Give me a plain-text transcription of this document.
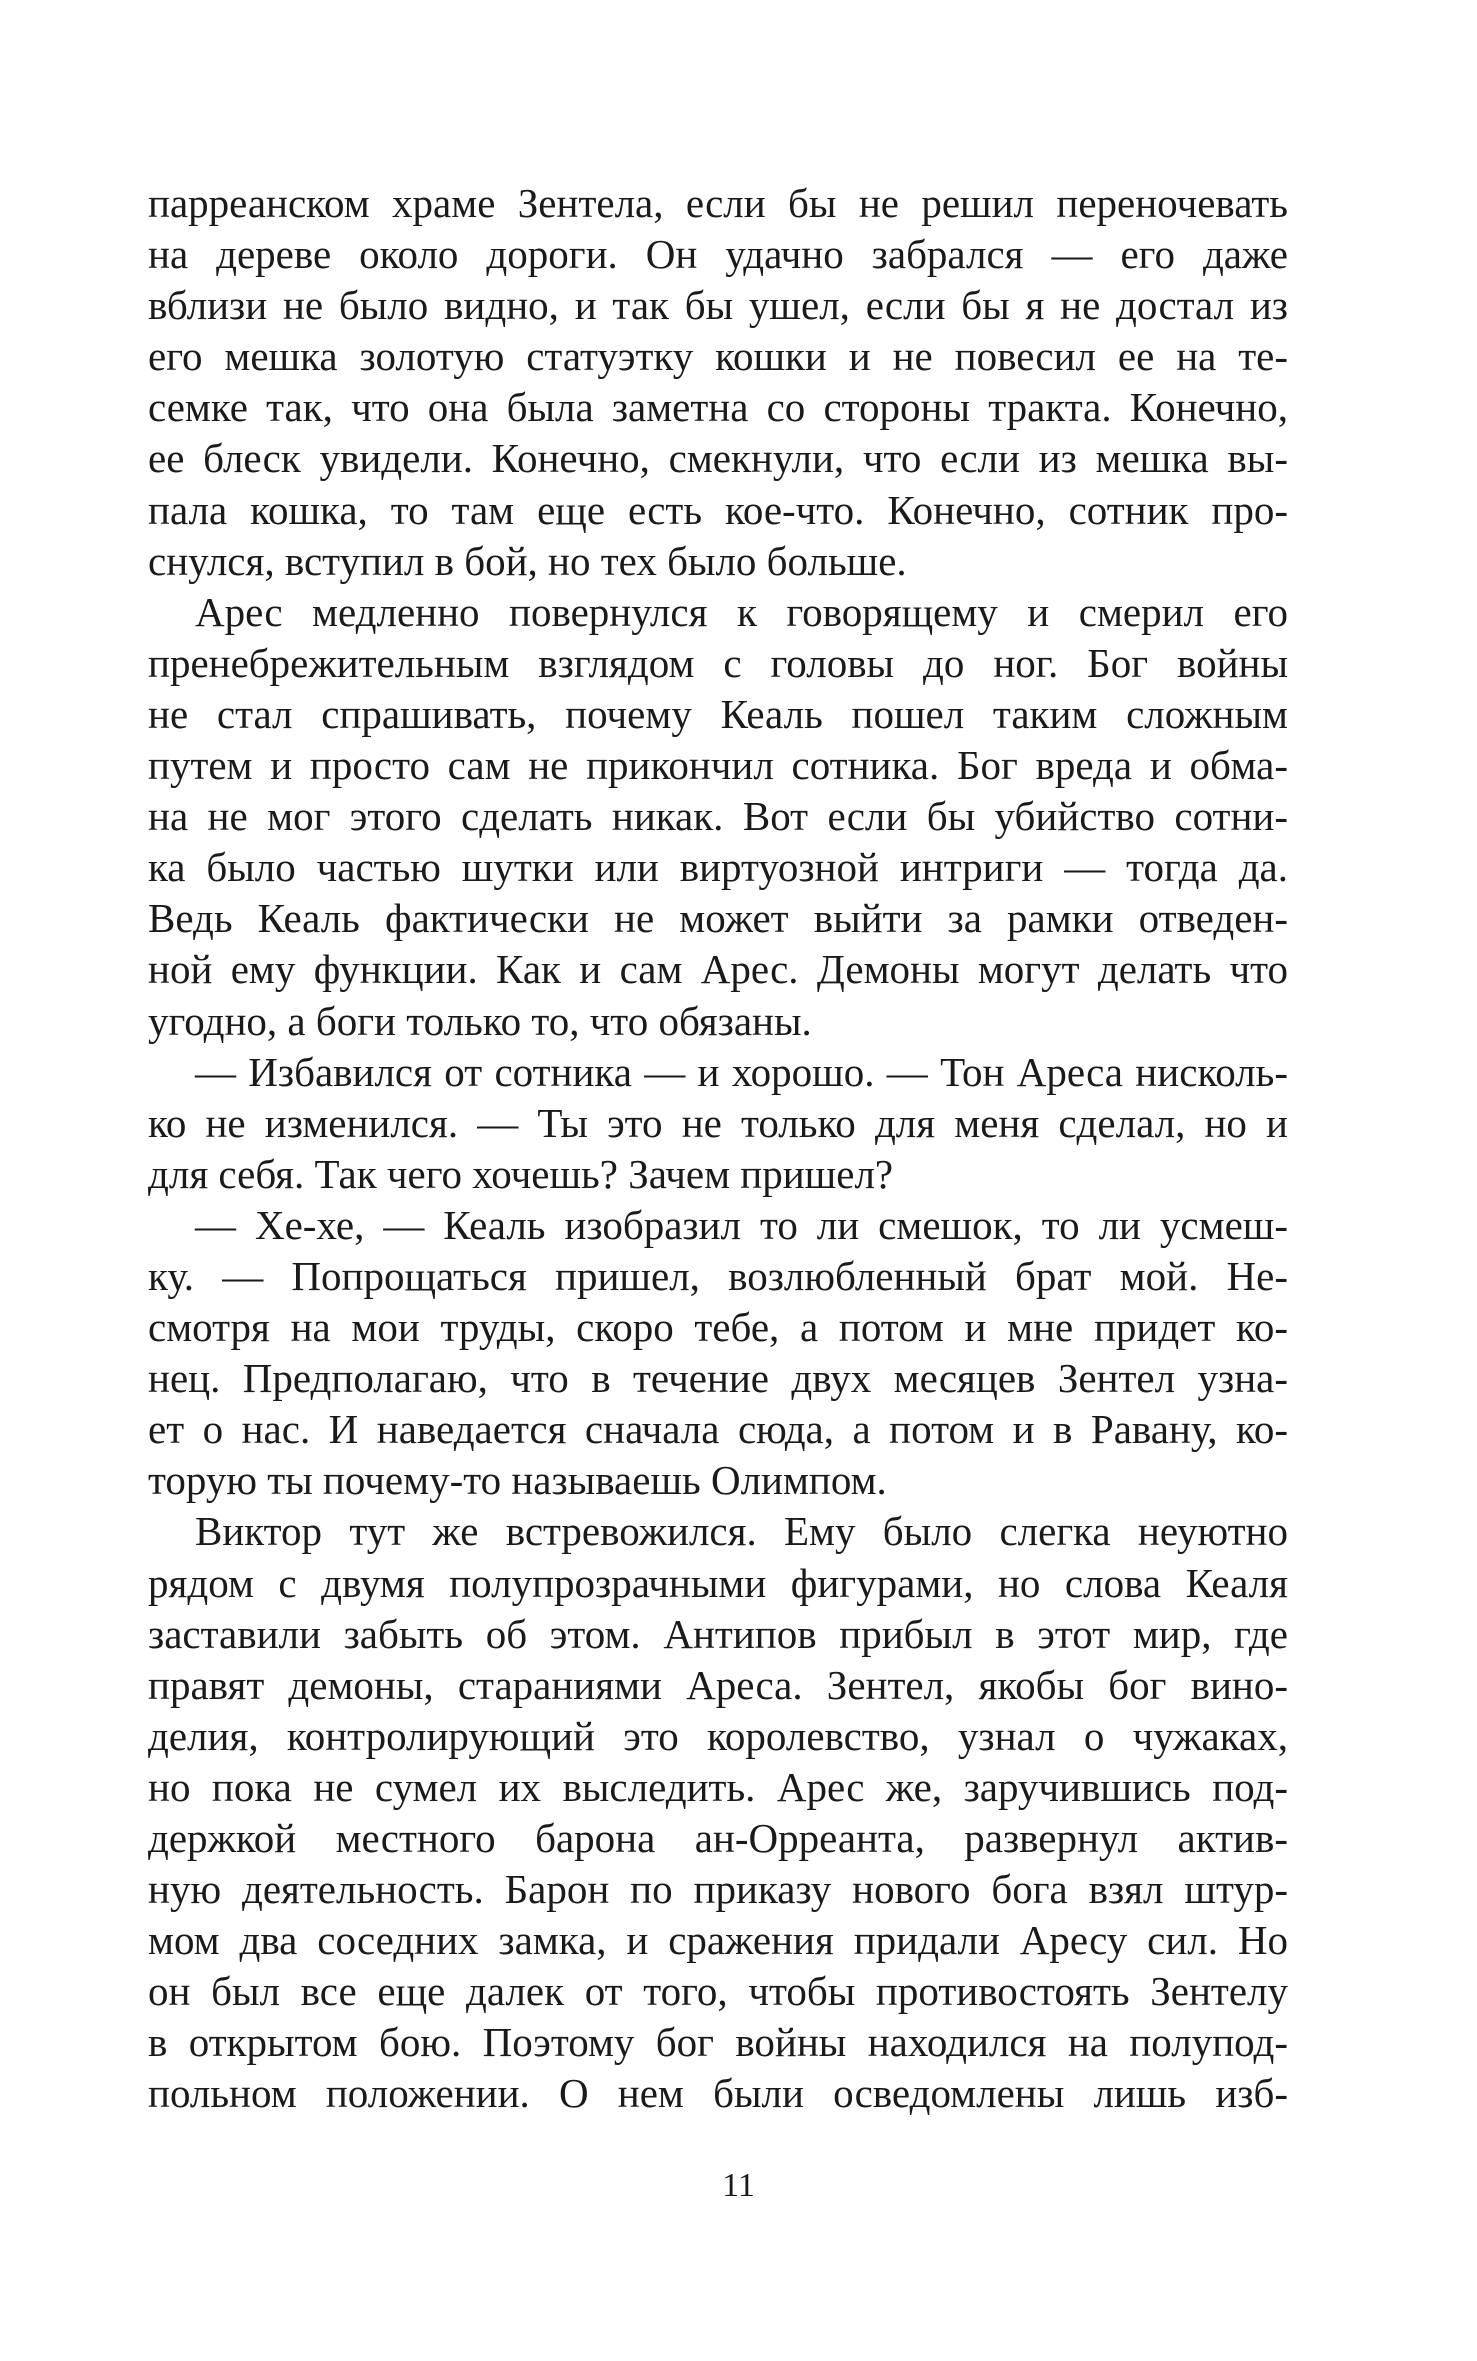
парреанском храме Зентела, если бы не решил переночевать
на дереве около дороги. Он удачно забрался — его даже
вблизи не было видно, и так бы ушел, если бы я не достал из
его мешка золотую статуэтку кошки и не повесил ее на те-
семке так, что она была заметна со стороны тракта. Конечно,
ее блеск увидели. Конечно, смекнули, что если из мешка вы-
пала кошка, то там еще есть кое-что. Конечно, сотник про-
снулся, вступил в бой, но тех было больше.
Арес медленно повернулся к говорящему и смерил его
пренебрежительным взглядом с головы до ног. Бог войны
не стал спрашивать, почему Кеаль пошел таким сложным
путем и просто сам не прикончил сотника. Бог вреда и обма-
на не мог этого сделать никак. Вот если бы убийство сотни-
ка было частью шутки или виртуозной интриги — тогда да.
Ведь Кеаль фактически не может выйти за рамки отведен-
ной ему функции. Как и сам Арес. Демоны могут делать что
угодно, а боги только то, что обязаны.
— Избавился от сотника — и хорошо. — Тон Ареса нисколь-
ко не изменился. — Ты это не только для меня сделал, но и
для себя. Так чего хочешь? Зачем пришел?
— Хе-хе, — Кеаль изобразил то ли смешок, то ли усмеш-
ку. — Попрощаться пришел, возлюбленный брат мой. Не-
смотря на мои труды, скоро тебе, а потом и мне придет ко-
нец. Предполагаю, что в течение двух месяцев Зентел узна-
ет о нас. И наведается сначала сюда, а потом и в Равану, ко-
торую ты почему-то называешь Олимпом.
Виктор тут же встревожился. Ему было слегка неуютно
рядом с двумя полупрозрачными фигурами, но слова Кеаля
заставили забыть об этом. Антипов прибыл в этот мир, где
правят демоны, стараниями Ареса. Зентел, якобы бог вино-
делия, контролирующий это королевство, узнал о чужаках,
но пока не сумел их выследить. Арес же, заручившись под-
держкой местного барона ан-Орреанта, развернул актив-
ную деятельность. Барон по приказу нового бога взял штур-
мом два соседних замка, и сражения придали Аресу сил. Но
он был все еще далек от того, чтобы противостоять Зентелу
в открытом бою. Поэтому бог войны находился на полупод-
польном положении. О нем были осведомлены лишь изб-
11
